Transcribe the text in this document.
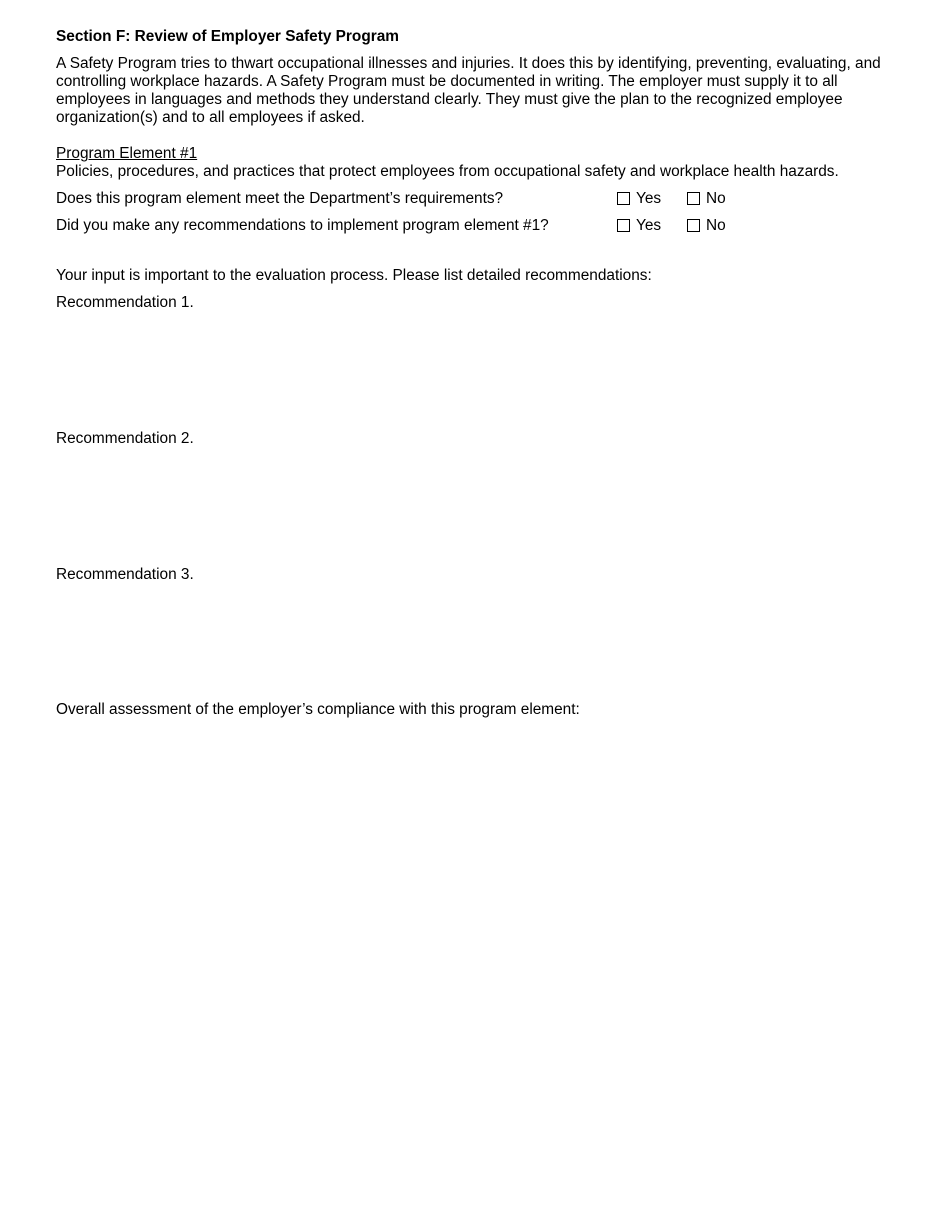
Section F: Review of Employer Safety Program
A Safety Program tries to thwart occupational illnesses and injuries. It does this by identifying, preventing, evaluating, and controlling workplace hazards. A Safety Program must be documented in writing. The employer must supply it to all employees in languages and methods they understand clearly. They must give the plan to the recognized employee organization(s) and to all employees if asked.
Program Element #1
Policies, procedures, and practices that protect employees from occupational safety and workplace health hazards.
Does this program element meet the Department’s requirements?	Yes	No
Did you make any recommendations to implement program element #1?	Yes	No
Your input is important to the evaluation process. Please list detailed recommendations:
Recommendation 1.
Recommendation 2.
Recommendation 3.
Overall assessment of the employer’s compliance with this program element:
